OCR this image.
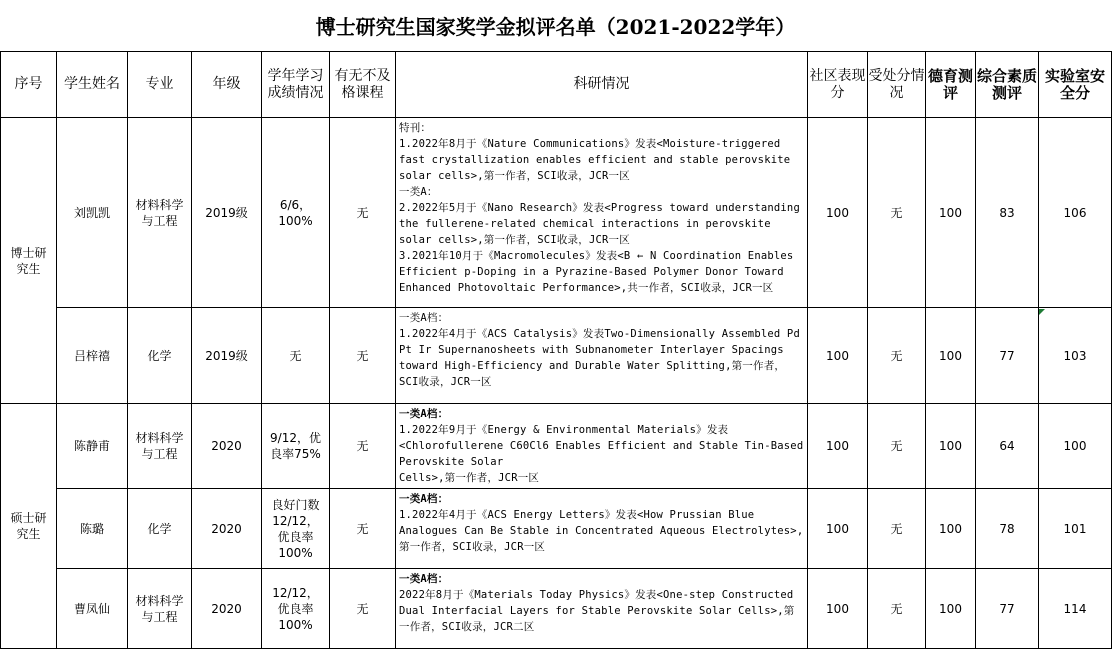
博士研究生国家奖学金拟评名单（2021-2022学年）
序号	学生姓名	专业	年级	学年学习成绩情况	有无不及格课程	科研情况	社区表现分	受处分情况	德育测评	综合素质测评	实验室安全分
博士研究生	刘凯凯	材料科学与工程	2019级	6/6，100%	无	特刊：
1.2022年8月于《Nature Communications》发表<Moisture-triggered fast crystallization enables efficient and stable perovskite solar cells>,第一作者，SCI收录，JCR一区

一类A：
2.2022年5月于《Nano Research》发表<Progress toward understanding the fullerene-related chemical interactions in perovskite solar cells>,第一作者，SCI收录，JCR一区
3.2021年10月于《Macromolecules》发表<B ← N Coordination Enables Efficient p-Doping in a Pyrazine-Based Polymer Donor Toward Enhanced Photovoltaic Performance>,共一作者，SCI收录，JCR一区	100	无	100	83	106
	吕梓禧	化学	2019级	无	无	一类A档：
1.2022年4月于《ACS Catalysis》发表Two-Dimensionally Assembled Pd Pt Ir Supernanosheets with Subnanometer Interlayer Spacings toward High-Efficiency and Durable Water Splitting,第一作者，SCI收录，JCR一区	100	无	100	77	103
硕士研究生	陈静甫	材料科学与工程	2020	9/12，优良率75%	无	一类A档：
1.2022年9月于《Energy & Environmental Materials》发表<Chlorofullerene C60Cl6 Enables Efficient and Stable Tin-Based Perovskite Solar
Cells>,第一作者，JCR一区	100	无	100	64	100
	陈璐	化学	2020	良好门数12/12，优良率100%	无	一类A档：
1.2022年4月于《ACS Energy Letters》发表<How Prussian Blue Analogues Can Be Stable in Concentrated Aqueous Electrolytes>,第一作者，SCI收录，JCR一区	100	无	100	78	101
	曹凤仙	材料科学与工程	2020	12/12，优良率100%	无	一类A档：
2022年8月于《Materials Today Physics》发表<One-step Constructed Dual Interfacial Layers for Stable Perovskite Solar Cells>,第一作者，SCI收录，JCR二区	100	无	100	77	114
